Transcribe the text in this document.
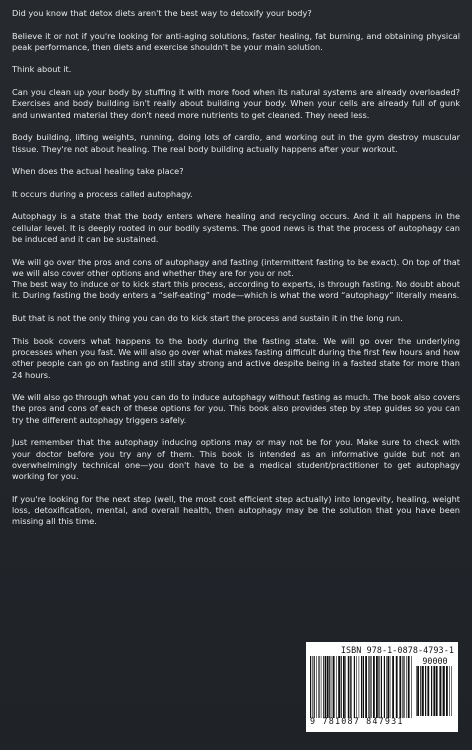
Did you know that detox diets aren't the best way to detoxify your body?

Believe it or not if you're looking for anti-aging solutions, faster healing, fat burning, and obtaining physical peak performance, then diets and exercise shouldn't be your main solution.

Think about it.

Can you clean up your body by stuffing it with more food when its natural systems are already overloaded? Exercises and body building isn't really about building your body. When your cells are already full of gunk and unwanted material they don't need more nutrients to get cleaned. They need less.

Body building, lifting weights, running, doing lots of cardio, and working out in the gym destroy muscular tissue. They're not about healing. The real body building actually happens after your workout.

When does the actual healing take place?

It occurs during a process called autophagy.

Autophagy is a state that the body enters where healing and recycling occurs. And it all happens in the cellular level. It is deeply rooted in our bodily systems. The good news is that the process of autophagy can be induced and it can be sustained.

We will go over the pros and cons of autophagy and fasting (intermittent fasting to be exact). On top of that we will also cover other options and whether they are for you or not.
The best way to induce or to kick start this process, according to experts, is through fasting. No doubt about it. During fasting the body enters a “self-eating” mode—which is what the word “autophagy” literally means.

But that is not the only thing you can do to kick start the process and sustain it in the long run.

This book covers what happens to the body during the fasting state. We will go over the underlying processes when you fast. We will also go over what makes fasting difficult during the first few hours and how other people can go on fasting and still stay strong and active despite being in a fasted state for more than 24 hours.

We will also go through what you can do to induce autophagy without fasting as much. The book also covers the pros and cons of each of these options for you. This book also provides step by step guides so you can try the different autophagy triggers safely.

Just remember that the autophagy inducing options may or may not be for you. Make sure to check with your doctor before you try any of them. This book is intended as an informative guide but not an overwhelmingly technical one—you don't have to be a medical student/practitioner to get autophagy working for you.

If you're looking for the next step (well, the most cost efficient step actually) into longevity, healing, weight loss, detoxification, mental, and overall health, then autophagy may be the solution that you have been missing all this time.

ISBN 978-1-0878-4793-1
90000
9 781087 847931
